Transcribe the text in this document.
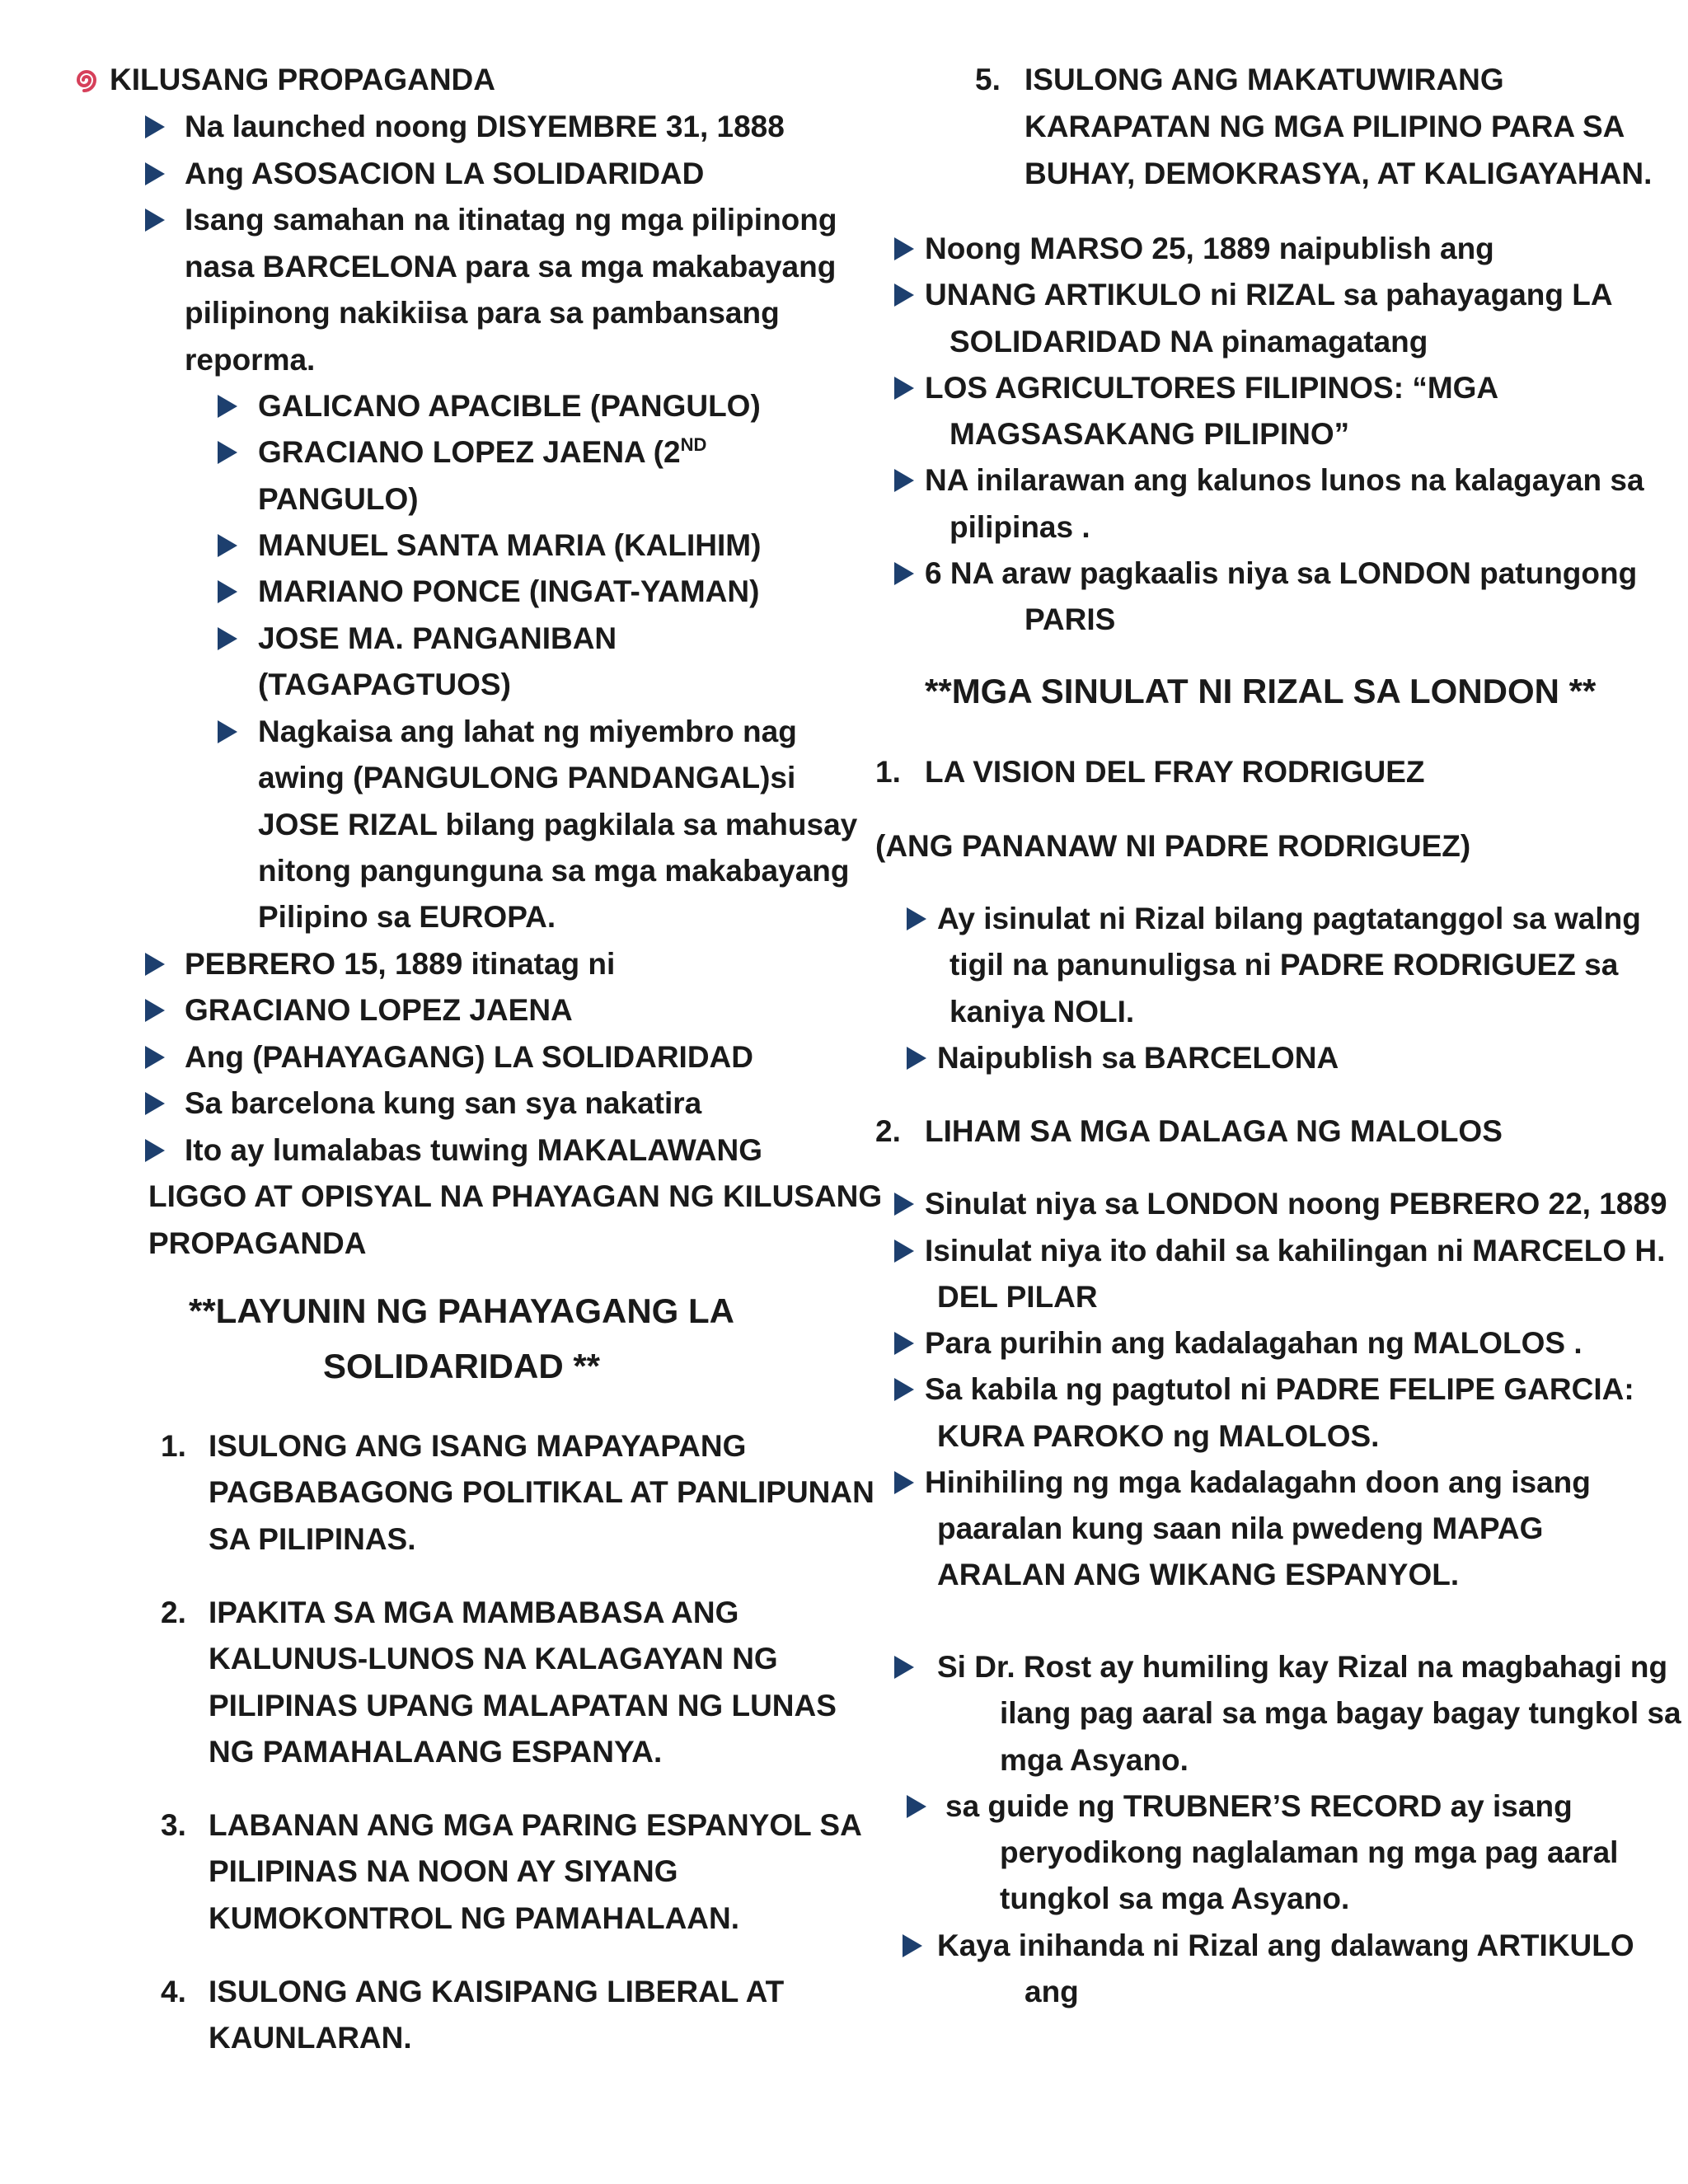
KILUSANG PROPAGANDA
Na launched noong DISYEMBRE 31, 1888
Ang ASOSACION LA SOLIDARIDAD
Isang samahan na itinatag ng mga pilipinong
nasa BARCELONA para sa mga makabayang
pilipinong nakikiisa para sa pambansang
reporma.
GALICANO APACIBLE (PANGULO)
GRACIANO LOPEZ JAENA (2ND
PANGULO)
MANUEL SANTA MARIA (KALIHIM)
MARIANO PONCE (INGAT-YAMAN)
JOSE MA. PANGANIBAN
(TAGAPAGTUOS)
Nagkaisa ang lahat ng miyembro nag
awing (PANGULONG PANDANGAL)si
JOSE RIZAL bilang pagkilala sa mahusay
nitong pangunguna sa mga makabayang
Pilipino sa EUROPA.
PEBRERO 15, 1889 itinatag ni
GRACIANO LOPEZ JAENA
Ang (PAHAYAGANG) LA SOLIDARIDAD
Sa barcelona kung san sya nakatira
Ito ay lumalabas tuwing MAKALAWANG
LIGGO AT OPISYAL NA PHAYAGAN NG KILUSANG
PROPAGANDA
**LAYUNIN NG PAHAYAGANG LA
SOLIDARIDAD **
1. ISULONG ANG ISANG MAPAYAPANG
PAGBABAGONG POLITIKAL AT PANLIPUNAN
SA PILIPINAS.
2. IPAKITA SA MGA MAMBABASA ANG
KALUNUS-LUNOS NA KALAGAYAN NG
PILIPINAS UPANG MALAPATAN NG LUNAS
NG PAMAHALAANG ESPANYA.
3. LABANAN ANG MGA PARING ESPANYOL SA
PILIPINAS NA NOON AY SIYANG
KUMOKONTROL NG PAMAHALAAN.
4. ISULONG ANG KAISIPANG LIBERAL AT
KAUNLARAN.
5. ISULONG ANG MAKATUWIRANG
KARAPATAN NG MGA PILIPINO PARA SA
BUHAY, DEMOKRASYA, AT KALIGAYAHAN.
Noong MARSO 25, 1889 naipublish ang
UNANG ARTIKULO ni RIZAL sa pahayagang LA
SOLIDARIDAD NA pinamagatang
LOS AGRICULTORES FILIPINOS: “MGA
MAGSASAKANG PILIPINO”
NA inilarawan ang kalunos lunos na kalagayan sa
pilipinas .
6 NA araw pagkaalis niya sa LONDON patungong
PARIS
**MGA SINULAT NI RIZAL SA LONDON **
1. LA VISION DEL FRAY RODRIGUEZ
(ANG PANANAW NI PADRE RODRIGUEZ)
Ay isinulat ni Rizal bilang pagtatanggol sa walng
tigil na panunuligsa ni PADRE RODRIGUEZ sa
kaniya NOLI.
Naipublish sa BARCELONA
2. LIHAM SA MGA DALAGA NG MALOLOS
Sinulat niya sa LONDON noong PEBRERO 22, 1889
Isinulat niya ito dahil sa kahilingan ni MARCELO H.
DEL PILAR
Para purihin ang kadalagahan ng MALOLOS .
Sa kabila ng pagtutol ni PADRE FELIPE GARCIA:
KURA PAROKO ng MALOLOS.
Hinihiling ng mga kadalagahn doon ang isang
paaralan kung saan nila pwedeng MAPAG
ARALAN ANG WIKANG ESPANYOL.
Si Dr. Rost ay humiling kay Rizal na magbahagi ng
ilang pag aaral sa mga bagay bagay tungkol sa
mga Asyano.
sa guide ng TRUBNER’S RECORD ay isang
peryodikong naglalaman ng mga pag aaral
tungkol sa mga Asyano.
Kaya inihanda ni Rizal ang dalawang ARTIKULO
ang
